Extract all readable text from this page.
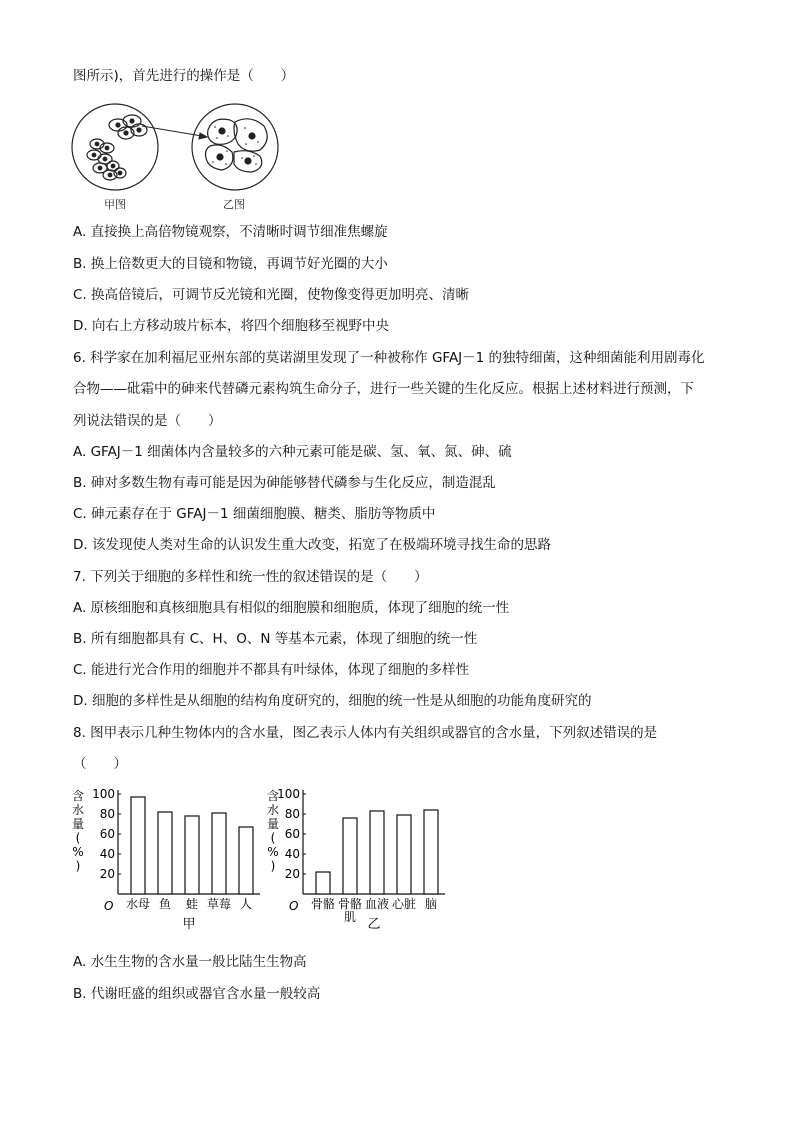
图所示)，首先进行的操作是（　　）
甲图	乙图
A. 直接换上高倍物镜观察，不清晰时调节细准焦螺旋
B. 换上倍数更大的目镜和物镜，再调节好光圈的大小
C. 换高倍镜后，可调节反光镜和光圈，使物像变得更加明亮、清晰
D. 向右上方移动玻片标本，将四个细胞移至视野中央
6. 科学家在加利福尼亚州东部的莫诺湖里发现了一种被称作 GFAJ－1 的独特细菌，这种细菌能利用剧毒化
合物——砒霜中的砷来代替磷元素构筑生命分子，进行一些关键的生化反应。根据上述材料进行预测，下
列说法错误的是（　　）
A. GFAJ－1 细菌体内含量较多的六种元素可能是碳、氢、氧、氮、砷、硫
B. 砷对多数生物有毒可能是因为砷能够替代磷参与生化反应，制造混乱
C. 砷元素存在于 GFAJ－1 细菌细胞膜、糖类、脂肪等物质中
D. 该发现使人类对生命的认识发生重大改变，拓宽了在极端环境寻找生命的思路
7. 下列关于细胞的多样性和统一性的叙述错误的是（　　）
A. 原核细胞和真核细胞具有相似的细胞膜和细胞质，体现了细胞的统一性
B. 所有细胞都具有 C、H、O、N 等基本元素，体现了细胞的统一性
C. 能进行光合作用的细胞并不都具有叶绿体，体现了细胞的多样性
D. 细胞的多样性是从细胞的结构角度研究的，细胞的统一性是从细胞的功能角度研究的
8. 图甲表示几种生物体内的含水量，图乙表示人体内有关组织或器官的含水量，下列叙述错误的是
（　　）
含
水
量
(
%
)
O
20
40
60
80
100
水母 鱼 蛙 草莓 人
甲
含
水
量
(
%
)
O
20
40
60
80
100
骨骼 骨骼
肌
血液 心脏 脑
乙
A. 水生生物的含水量一般比陆生生物高
B. 代谢旺盛的组织或器官含水量一般较高
